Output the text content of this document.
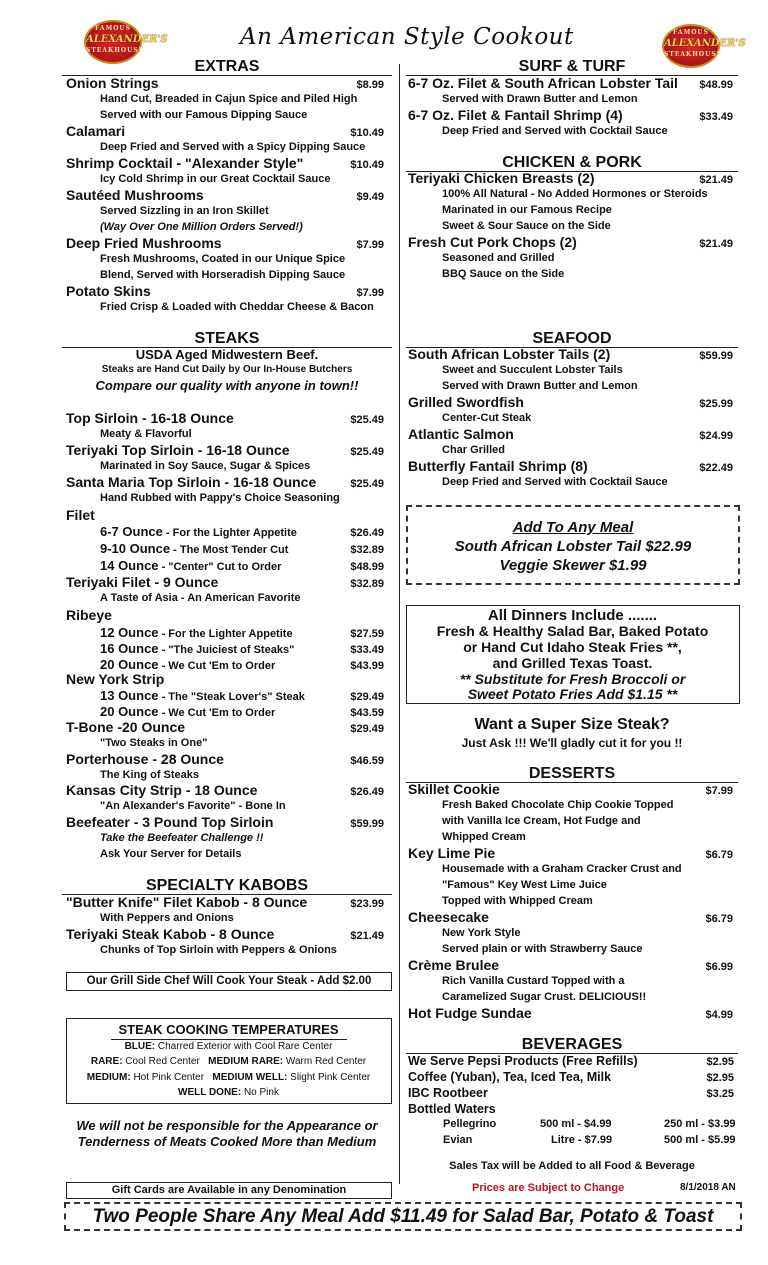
FAMOUS
ALEXANDER'S
STEAKHOUSE
An American Style Cookout	FAMOUS
ALEXANDER'S
STEAKHOUSE
EXTRAS
Onion Strings	$8.99
Hand Cut, Breaded in Cajun Spice and Piled High
Served with our Famous Dipping Sauce
Calamari	$10.49
Deep Fried and Served with a Spicy Dipping Sauce
Shrimp Cocktail - "Alexander Style"	$10.49
Icy Cold Shrimp in our Great Cocktail Sauce
Sautéed Mushrooms	$9.49
Served Sizzling in an Iron Skillet
(Way Over One Million Orders Served!)
Deep Fried Mushrooms	$7.99
Fresh Mushrooms, Coated in our Unique Spice
Blend, Served with Horseradish Dipping Sauce
Potato Skins	$7.99
Fried Crisp & Loaded with Cheddar Cheese & Bacon
STEAKS
USDA Aged Midwestern Beef.
Steaks are Hand Cut Daily by Our In-House Butchers
Compare our quality with anyone in town!!
Top Sirloin - 16-18 Ounce	$25.49
Meaty & Flavorful
Teriyaki Top Sirloin - 16-18 Ounce	$25.49
Marinated in Soy Sauce, Sugar & Spices
Santa Maria Top Sirloin - 16-18 Ounce	$25.49
Hand Rubbed with Pappy's Choice Seasoning
Filet
6-7 Ounce - For the Lighter Appetite	$26.49
9-10 Ounce - The Most Tender Cut	$32.89
14 Ounce - "Center" Cut to Order	$48.99
Teriyaki Filet - 9 Ounce	$32.89
A Taste of Asia - An American Favorite
Ribeye
12 Ounce - For the Lighter Appetite	$27.59
16 Ounce - "The Juiciest of Steaks"	$33.49
20 Ounce - We Cut 'Em to Order	$43.99
New York Strip
13 Ounce - The "Steak Lover's" Steak	$29.49
20 Ounce - We Cut 'Em to Order	$43.59
T-Bone -20 Ounce	$29.49
"Two Steaks in One"
Porterhouse - 28 Ounce	$46.59
The King of Steaks
Kansas City Strip - 18 Ounce	$26.49
"An Alexander's Favorite" - Bone In
Beefeater - 3 Pound Top Sirloin	$59.99
Take the Beefeater Challenge !!
Ask Your Server for Details
SPECIALTY KABOBS
"Butter Knife" Filet Kabob - 8 Ounce	$23.99
With Peppers and Onions
Teriyaki Steak Kabob - 8 Ounce	$21.49
Chunks of Top Sirloin with Peppers & Onions
Our Grill Side Chef Will Cook Your Steak - Add $2.00
STEAK COOKING TEMPERATURES
BLUE: Charred Exterior with Cool Rare Center
RARE: Cool Red Center MEDIUM RARE: Warm Red Center
MEDIUM: Hot Pink Center MEDIUM WELL: Slight Pink Center
WELL DONE: No Pink
We will not be responsible for the Appearance or
Tenderness of Meats Cooked More than Medium
Gift Cards are Available in any Denomination
SURF & TURF
6-7 Oz. Filet & South African Lobster Tail $48.99
Served with Drawn Butter and Lemon
6-7 Oz. Filet & Fantail Shrimp (4)	$33.49
Deep Fried and Served with Cocktail Sauce
CHICKEN & PORK
Teriyaki Chicken Breasts (2)	$21.49
100% All Natural - No Added Hormones or Steroids
Marinated in our Famous Recipe
Sweet & Sour Sauce on the Side
Fresh Cut Pork Chops (2)	$21.49
Seasoned and Grilled
BBQ Sauce on the Side
SEAFOOD
South African Lobster Tails (2)	$59.99
Sweet and Succulent Lobster Tails
Served with Drawn Butter and Lemon
Grilled Swordfish	$25.99
Center-Cut Steak
Atlantic Salmon	$24.99
Char Grilled
Butterfly Fantail Shrimp (8)	$22.49
Deep Fried and Served with Cocktail Sauce
Add To Any Meal
South African Lobster Tail $22.99
Veggie Skewer $1.99
All Dinners Include .......
Fresh & Healthy Salad Bar, Baked Potato
or Hand Cut Idaho Steak Fries **,
and Grilled Texas Toast.
** Substitute for Fresh Broccoli or
Sweet Potato Fries Add $1.15 **
Want a Super Size Steak?
Just Ask !!! We'll gladly cut it for you !!
DESSERTS
Skillet Cookie	$7.99
Fresh Baked Chocolate Chip Cookie Topped
with Vanilla Ice Cream, Hot Fudge and
Whipped Cream
Key Lime Pie	$6.79
Housemade with a Graham Cracker Crust and
"Famous" Key West Lime Juice
Topped with Whipped Cream
Cheesecake	$6.79
New York Style
Served plain or with Strawberry Sauce
Crème Brulee	$6.99
Rich Vanilla Custard Topped with a
Caramelized Sugar Crust. DELICIOUS!!
Hot Fudge Sundae	$4.99
BEVERAGES
We Serve Pepsi Products (Free Refills)	$2.95
Coffee (Yuban), Tea, Iced Tea, Milk	$2.95
IBC Rootbeer	$3.25
Bottled Waters
Pellegrino	500 ml - $4.99	250 ml - $3.99
Evian	Litre - $7.99	500 ml - $5.99
Sales Tax will be Added to all Food & Beverage
Prices are Subject to Change	8/1/2018 AN
Two People Share Any Meal Add $11.49 for Salad Bar, Potato & Toast
